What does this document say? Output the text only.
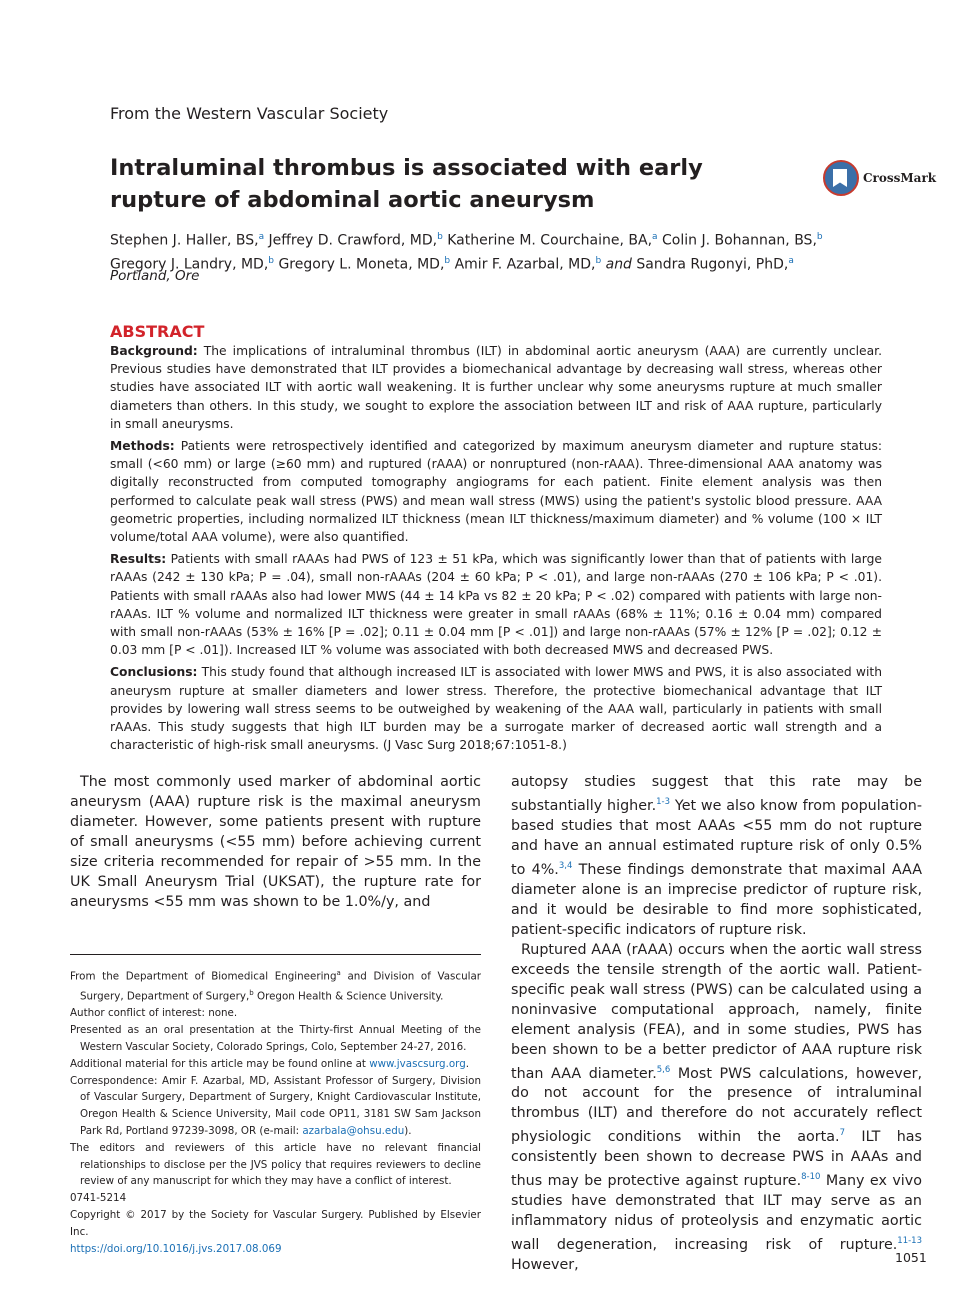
From the Western Vascular Society
Intraluminal thrombus is associated with early rupture of abdominal aortic aneurysm
CrossMark
Stephen J. Haller, BS,$^a$ Jeffrey D. Crawford, MD,$^b$ Katherine M. Courchaine, BA,$^a$ Colin J. Bohannan, BS,$^b$
Gregory J. Landry, MD,$^b$ Gregory L. Moneta, MD,$^b$ Amir F. Azarbal, MD,$^b$ and Sandra Rugonyi, PhD,$^a$
Portland, Ore
ABSTRACT

Background: The implications of intraluminal thrombus (ILT) in abdominal aortic aneurysm (AAA) are currently unclear. Previous studies have demonstrated that ILT provides a biomechanical advantage by decreasing wall stress, whereas other studies have associated ILT with aortic wall weakening. It is further unclear why some aneurysms rupture at much smaller diameters than others. In this study, we sought to explore the association between ILT and risk of AAA rupture, particularly in small aneurysms.

Methods: Patients were retrospectively identified and categorized by maximum aneurysm diameter and rupture status: small (<60 mm) or large (≥60 mm) and ruptured (rAAA) or nonruptured (non-rAAA). Three-dimensional AAA anatomy was digitally reconstructed from computed tomography angiograms for each patient. Finite element analysis was then performed to calculate peak wall stress (PWS) and mean wall stress (MWS) using the patient's systolic blood pressure. AAA geometric properties, including normalized ILT thickness (mean ILT thickness/maximum diameter) and % volume (100 × ILT volume/total AAA volume), were also quantified.

Results: Patients with small rAAAs had PWS of 123 ± 51 kPa, which was significantly lower than that of patients with large rAAAs (242 ± 130 kPa; P = .04), small non-rAAAs (204 ± 60 kPa; P < .01), and large non-rAAAs (270 ± 106 kPa; P < .01). Patients with small rAAAs also had lower MWS (44 ± 14 kPa vs 82 ± 20 kPa; P < .02) compared with patients with large non-rAAAs. ILT % volume and normalized ILT thickness were greater in small rAAAs (68% ± 11%; 0.16 ± 0.04 mm) compared with small non-rAAAs (53% ± 16% [P = .02]; 0.11 ± 0.04 mm [P < .01]) and large non-rAAAs (57% ± 12% [P = .02]; 0.12 ± 0.03 mm [P < .01]). Increased ILT % volume was associated with both decreased MWS and decreased PWS.

Conclusions: This study found that although increased ILT is associated with lower MWS and PWS, it is also associated with aneurysm rupture at smaller diameters and lower stress. Therefore, the protective biomechanical advantage that ILT provides by lowering wall stress seems to be outweighed by weakening of the AAA wall, particularly in patients with small rAAAs. This study suggests that high ILT burden may be a surrogate marker of decreased aortic wall strength and a characteristic of high-risk small aneurysms. (J Vasc Surg 2018;67:1051-8.)

The most commonly used marker of abdominal aortic aneurysm (AAA) rupture risk is the maximal aneurysm diameter. However, some patients present with rupture of small aneurysms (<55 mm) before achieving current size criteria recommended for repair of >55 mm. In the UK Small Aneurysm Trial (UKSAT), the rupture rate for aneurysms <55 mm was shown to be 1.0%/y, and

autopsy studies suggest that this rate may be substantially higher.$^{1-3}$ Yet we also know from population-based studies that most AAAs <55 mm do not rupture and have an annual estimated rupture risk of only 0.5% to 4%.$^{3,4}$ These findings demonstrate that maximal AAA diameter alone is an imprecise predictor of rupture risk, and it would be desirable to find more sophisticated, patient-specific indicators of rupture risk.

Ruptured AAA (rAAA) occurs when the aortic wall stress exceeds the tensile strength of the aortic wall. Patient-specific peak wall stress (PWS) can be calculated using a noninvasive computational approach, namely, finite element analysis (FEA), and in some studies, PWS has been shown to be a better predictor of AAA rupture risk than AAA diameter.$^{5,6}$ Most PWS calculations, however, do not account for the presence of intraluminal thrombus (ILT) and therefore do not accurately reflect physiologic conditions within the aorta.$^7$ ILT has consistently been shown to decrease PWS in AAAs and thus may be protective against rupture.$^{8-10}$ Many ex vivo studies have demonstrated that ILT may serve as an inflammatory nidus of proteolysis and enzymatic aortic wall degeneration, increasing risk of rupture.$^{11-13}$ However,

From the Department of Biomedical Engineering$^a$ and Division of Vascular Surgery, Department of Surgery,$^b$ Oregon Health & Science University.

Author conflict of interest: none.

Presented as an oral presentation at the Thirty-first Annual Meeting of the Western Vascular Society, Colorado Springs, Colo, September 24-27, 2016.

Additional material for this article may be found online at www.jvascsurg.org.

Correspondence: Amir F. Azarbal, MD, Assistant Professor of Surgery, Division of Vascular Surgery, Department of Surgery, Knight Cardiovascular Institute, Oregon Health & Science University, Mail code OP11, 3181 SW Sam Jackson Park Rd, Portland 97239-3098, OR (e-mail: azarbala@ohsu.edu).

The editors and reviewers of this article have no relevant financial relationships to disclose per the JVS policy that requires reviewers to decline review of any manuscript for which they may have a conflict of interest.

0741-5214

Copyright © 2017 by the Society for Vascular Surgery. Published by Elsevier Inc.

https://doi.org/10.1016/j.jvs.2017.08.069

1051
